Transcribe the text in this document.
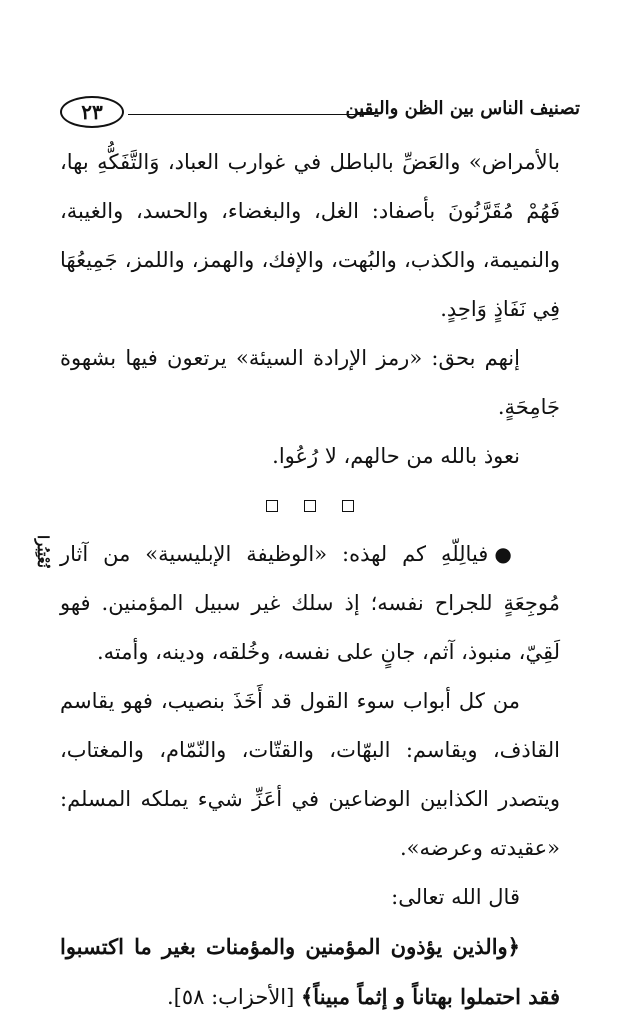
٢٣	تصنيف الناس بين الظن واليقين
نُعْتِبُرا

بالأمراض» والعَضِّ بالباطل في غوارب العباد، وَالتَّفَكُّهِ بها، فَهُمْ مُقَرَّنُونَ بأصفاد: الغل، والبغضاء، والحسد، والغيبة، والنميمة، والكذب، والبُهت، والإفك، والهمز، واللمز، جَمِيعُهَا فِي نَفَاذٍ وَاحِدٍ.

إنهم بحق: «رمز الإرادة السيئة» يرتعون فيها بشهوة جَامِحَةٍ.

نعوذ بالله من حالهم، لا رُعُوا.

●فيالِلّهِ كم لهذه: «الوظيفة الإبليسية» من آثار مُوجِعَةٍ للجراح نفسه؛ إذ سلك غير سبيل المؤمنين. فهو لَقِيّ، منبوذ، آثم، جانٍ على نفسه، وخُلقه، ودينه، وأمته.

من كل أبواب سوء القول قد أَخَذَ بنصيب، فهو يقاسم القاذف، ويقاسم: البهّات، والقتّات، والنّمّام، والمغتاب، ويتصدر الكذابين الوضاعين في أعَزِّ شيء يملكه المسلم: «عقيدته وعرضه».

قال الله تعالى:

﴿والذين يؤذون المؤمنين والمؤمنات بغير ما اكتسبوا فقد احتملوا بهتاناً و إثماً مبيناً﴾ [الأحزاب: ٥٨].
